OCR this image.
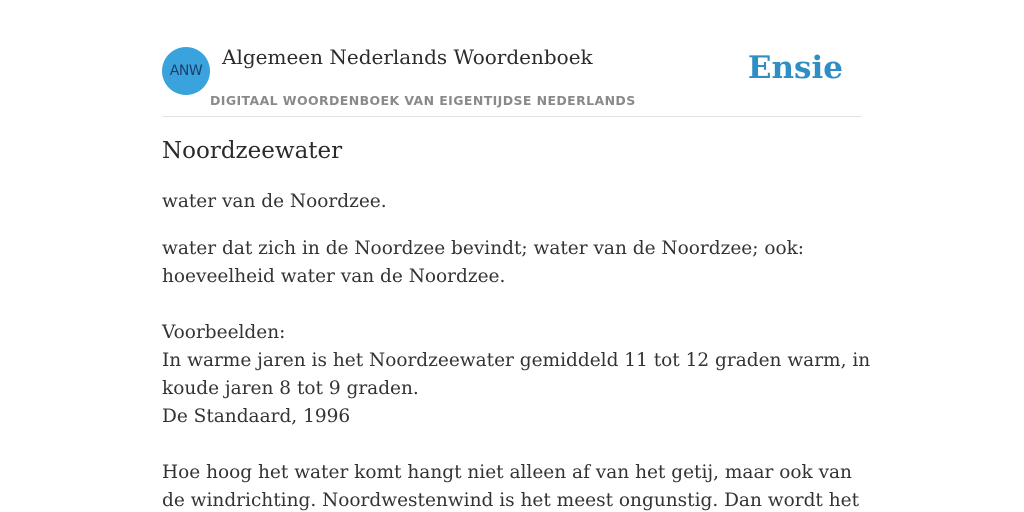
ANW
Algemeen Nederlands Woordenboek
DIGITAAL WOORDENBOEK VAN EIGENTIJDSE NEDERLANDS
Ensie
Noordzeewater

water van de Noordzee.

water dat zich in de Noordzee bevindt; water van de Noordzee; ook: hoeveelheid water van de Noordzee.
Voorbeelden:
In warme jaren is het Noordzeewater gemiddeld 11 tot 12 graden warm, in koude jaren 8 tot 9 graden.
De Standaard, 1996
Hoe hoog het water komt hangt niet alleen af van het getij, maar ook van de windrichting. Noordwestenwind is het meest ongunstig. Dan wordt het
